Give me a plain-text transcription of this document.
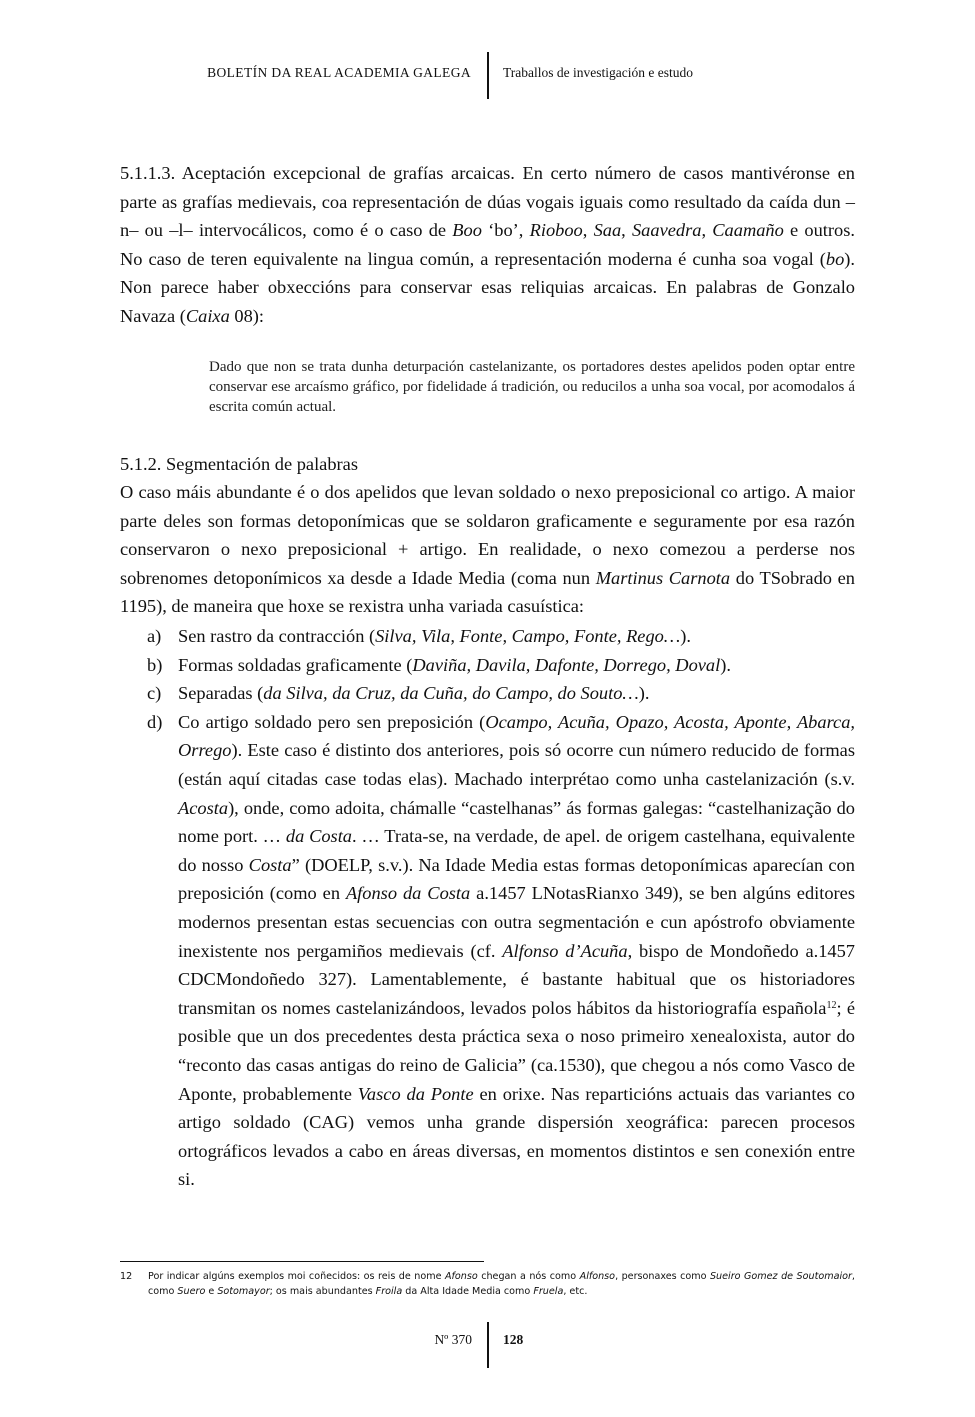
BOLETÍN DA REAL ACADEMIA GALEGA Traballos de investigación e estudo
5.1.1.3. Aceptación excepcional de grafías arcaicas. En certo número de casos mantivéronse en parte as grafías medievais, coa representación de dúas vogais iguais como resultado da caída dun –n– ou –l– intervocálicos, como é o caso de Boo ‘bo’, Rioboo, Saa, Saavedra, Caamaño e outros. No caso de teren equivalente na lingua común, a representación moderna é cunha soa vogal (bo). Non parece haber obxeccións para conservar esas reliquias arcaicas. En palabras de Gonzalo Navaza (Caixa 08):
Dado que non se trata dunha deturpación castelanizante, os portadores destes apelidos poden optar entre conservar ese arcaísmo gráfico, por fidelidade á tradición, ou reducilos a unha soa vocal, por acomodalos á escrita común actual.
5.1.2. Segmentación de palabras
O caso máis abundante é o dos apelidos que levan soldado o nexo preposicional co artigo. A maior parte deles son formas detoponímicas que se soldaron graficamente e seguramente por esa razón conservaron o nexo preposicional + artigo. En realidade, o nexo comezou a perderse nos sobrenomes detoponímicos xa desde a Idade Media (coma nun Martinus Carnota do TSobrado en 1195), de maneira que hoxe se rexistra unha variada casuística:
a) Sen rastro da contracción (Silva, Vila, Fonte, Campo, Fonte, Rego…).
b) Formas soldadas graficamente (Daviña, Davila, Dafonte, Dorrego, Doval).
c) Separadas (da Silva, da Cruz, da Cuña, do Campo, do Souto…).
d) Co artigo soldado pero sen preposición (Ocampo, Acuña, Opazo, Acosta, Aponte, Abarca, Orrego). Este caso é distinto dos anteriores, pois só ocorre cun número reducido de formas (están aquí citadas case todas elas). Machado interprétao como unha castelanización (s.v. Acosta), onde, como adoita, chámalle “castelhanas” ás formas galegas: “castelhanização do nome port. … da Costa. … Trata-se, na verdade, de apel. de origem castelhana, equivalente do nosso Costa” (DOELP, s.v.). Na Idade Media estas formas detoponímicas aparecían con preposición (como en Afonso da Costa a.1457 LNotasRianxo 349), se ben algúns editores modernos presentan estas secuencias con outra segmentación e cun apóstrofo obviamente inexistente nos pergamiños medievais (cf. Alfonso d’Acuña, bispo de Mondoñedo a.1457 CDCMondoñedo 327). Lamentablemente, é bastante habitual que os historiadores transmitan os nomes castelanizándoos, levados polos hábitos da historiografía española$^{12}$; é posible que un dos precedentes desta práctica sexa o noso primeiro xenealoxista, autor do “reconto das casas antigas do reino de Galicia” (ca.1530), que chegou a nós como Vasco de Aponte, probablemente Vasco da Ponte en orixe. Nas reparticións actuais das variantes co artigo soldado (CAG) vemos unha grande dispersión xeográfica: parecen procesos ortográficos levados a cabo en áreas diversas, en momentos distintos e sen conexión entre si.
12	Por indicar algúns exemplos moi coñecidos: os reis de nome Afonso chegan a nós como Alfonso, personaxes como Sueiro Gomez de Soutomaior, como Suero e Sotomayor; os mais abundantes Froila da Alta Idade Media como Fruela, etc.
Nº 370 128
